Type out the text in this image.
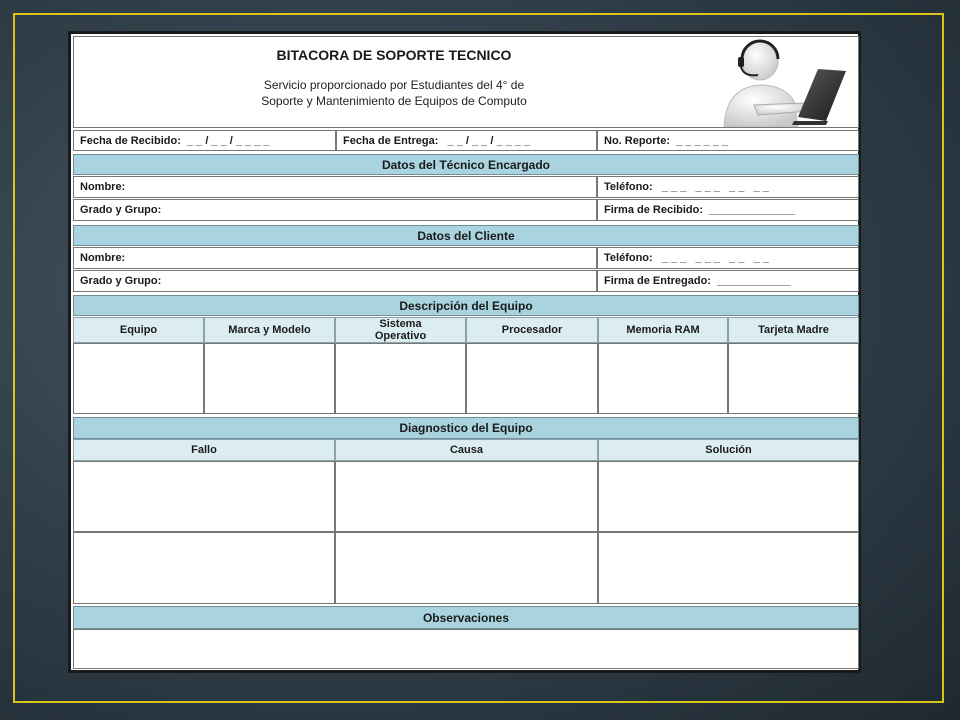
BITACORA DE SOPORTE TECNICO
Servicio proporcionado por Estudiantes del 4° de
Soporte y Mantenimiento de Equipos de Computo
Fecha de Recibido:  _ _ / _ _ / _ _ _ _	Fecha de Entrega:   _ _ / _ _ / _ _ _ _	No. Reporte:  _ _ _ _ _ _
Datos del Técnico Encargado
Nombre:	Teléfono:   _ _ _   _ _ _   _ _   _ _
Grado y Grupo:	Firma de Recibido:  ______________
Datos del Cliente
Nombre:	Teléfono:   _ _ _   _ _ _   _ _   _ _
Grado y Grupo:	Firma de Entregado:  ____________
Descripción del Equipo
Equipo	Marca y Modelo	Sistema Operativo	Procesador	Memoria RAM	Tarjeta Madre
Diagnostico del Equipo
Fallo	Causa	Solución
Observaciones
